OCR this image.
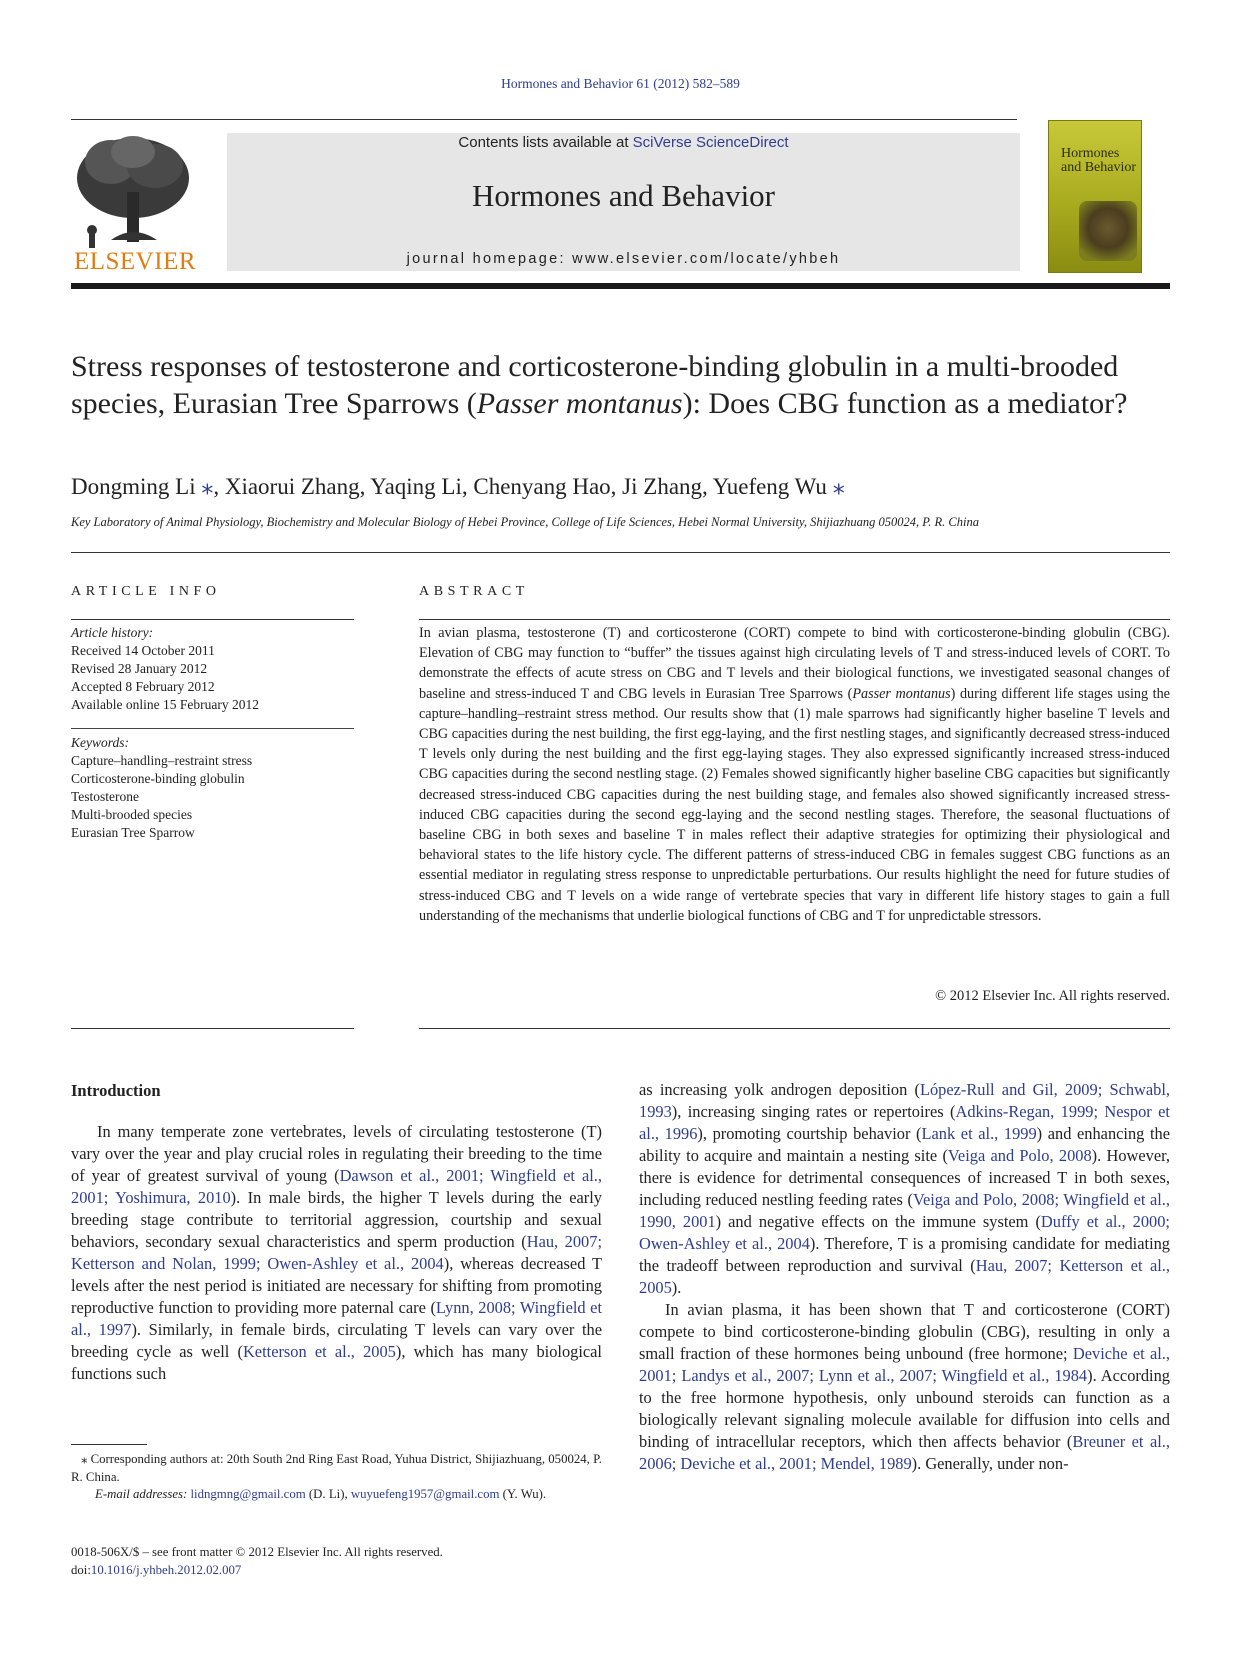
Hormones and Behavior 61 (2012) 582–589
ELSEVIER
Contents lists available at SciVerse ScienceDirect
Hormones and Behavior
journal homepage: www.elsevier.com/locate/yhbeh
Hormones and Behavior
Stress responses of testosterone and corticosterone-binding globulin in a multi-brooded species, Eurasian Tree Sparrows (Passer montanus): Does CBG function as a mediator?
Dongming Li ⁎, Xiaorui Zhang, Yaqing Li, Chenyang Hao, Ji Zhang, Yuefeng Wu ⁎
Key Laboratory of Animal Physiology, Biochemistry and Molecular Biology of Hebei Province, College of Life Sciences, Hebei Normal University, Shijiazhuang 050024, P. R. China
ARTICLE INFO
Article history:
Received 14 October 2011
Revised 28 January 2012
Accepted 8 February 2012
Available online 15 February 2012
Keywords:
Capture–handling–restraint stress
Corticosterone-binding globulin
Testosterone
Multi-brooded species
Eurasian Tree Sparrow
ABSTRACT
In avian plasma, testosterone (T) and corticosterone (CORT) compete to bind with corticosterone-binding globulin (CBG). Elevation of CBG may function to “buffer” the tissues against high circulating levels of T and stress-induced levels of CORT. To demonstrate the effects of acute stress on CBG and T levels and their biological functions, we investigated seasonal changes of baseline and stress-induced T and CBG levels in Eurasian Tree Sparrows (Passer montanus) during different life stages using the capture–handling–restraint stress method. Our results show that (1) male sparrows had significantly higher baseline T levels and CBG capacities during the nest building, the first egg-laying, and the first nestling stages, and significantly decreased stress-induced T levels only during the nest building and the first egg-laying stages. They also expressed significantly increased stress-induced CBG capacities during the second nestling stage. (2) Females showed significantly higher baseline CBG capacities but significantly decreased stress-induced CBG capacities during the nest building stage, and females also showed significantly increased stress-induced CBG capacities during the second egg-laying and the second nestling stages. Therefore, the seasonal fluctuations of baseline CBG in both sexes and baseline T in males reflect their adaptive strategies for optimizing their physiological and behavioral states to the life history cycle. The different patterns of stress-induced CBG in females suggest CBG functions as an essential mediator in regulating stress response to unpredictable perturbations. Our results highlight the need for future studies of stress-induced CBG and T levels on a wide range of vertebrate species that vary in different life history stages to gain a full understanding of the mechanisms that underlie biological functions of CBG and T for unpredictable stressors.
© 2012 Elsevier Inc. All rights reserved.
Introduction

In many temperate zone vertebrates, levels of circulating testosterone (T) vary over the year and play crucial roles in regulating their breeding to the time of year of greatest survival of young (Dawson et al., 2001; Wingfield et al., 2001; Yoshimura, 2010). In male birds, the higher T levels during the early breeding stage contribute to territorial aggression, courtship and sexual behaviors, secondary sexual characteristics and sperm production (Hau, 2007; Ketterson and Nolan, 1999; Owen-Ashley et al., 2004), whereas decreased T levels after the nest period is initiated are necessary for shifting from promoting reproductive function to providing more paternal care (Lynn, 2008; Wingfield et al., 1997). Similarly, in female birds, circulating T levels can vary over the breeding cycle as well (Ketterson et al., 2005), which has many biological functions such

as increasing yolk androgen deposition (López-Rull and Gil, 2009; Schwabl, 1993), increasing singing rates or repertoires (Adkins-Regan, 1999; Nespor et al., 1996), promoting courtship behavior (Lank et al., 1999) and enhancing the ability to acquire and maintain a nesting site (Veiga and Polo, 2008). However, there is evidence for detrimental consequences of increased T in both sexes, including reduced nestling feeding rates (Veiga and Polo, 2008; Wingfield et al., 1990, 2001) and negative effects on the immune system (Duffy et al., 2000; Owen-Ashley et al., 2004). Therefore, T is a promising candidate for mediating the tradeoff between reproduction and survival (Hau, 2007; Ketterson et al., 2005).

In avian plasma, it has been shown that T and corticosterone (CORT) compete to bind corticosterone-binding globulin (CBG), resulting in only a small fraction of these hormones being unbound (free hormone; Deviche et al., 2001; Landys et al., 2007; Lynn et al., 2007; Wingfield et al., 1984). According to the free hormone hypothesis, only unbound steroids can function as a biologically relevant signaling molecule available for diffusion into cells and binding of intracellular receptors, which then affects behavior (Breuner et al., 2006; Deviche et al., 2001; Mendel, 1989). Generally, under non-

⁎ Corresponding authors at: 20th South 2nd Ring East Road, Yuhua District, Shijiazhuang, 050024, P. R. China.
E-mail addresses: lidngmng@gmail.com (D. Li), wuyuefeng1957@gmail.com (Y. Wu).
0018-506X/$ – see front matter © 2012 Elsevier Inc. All rights reserved.
doi:10.1016/j.yhbeh.2012.02.007
